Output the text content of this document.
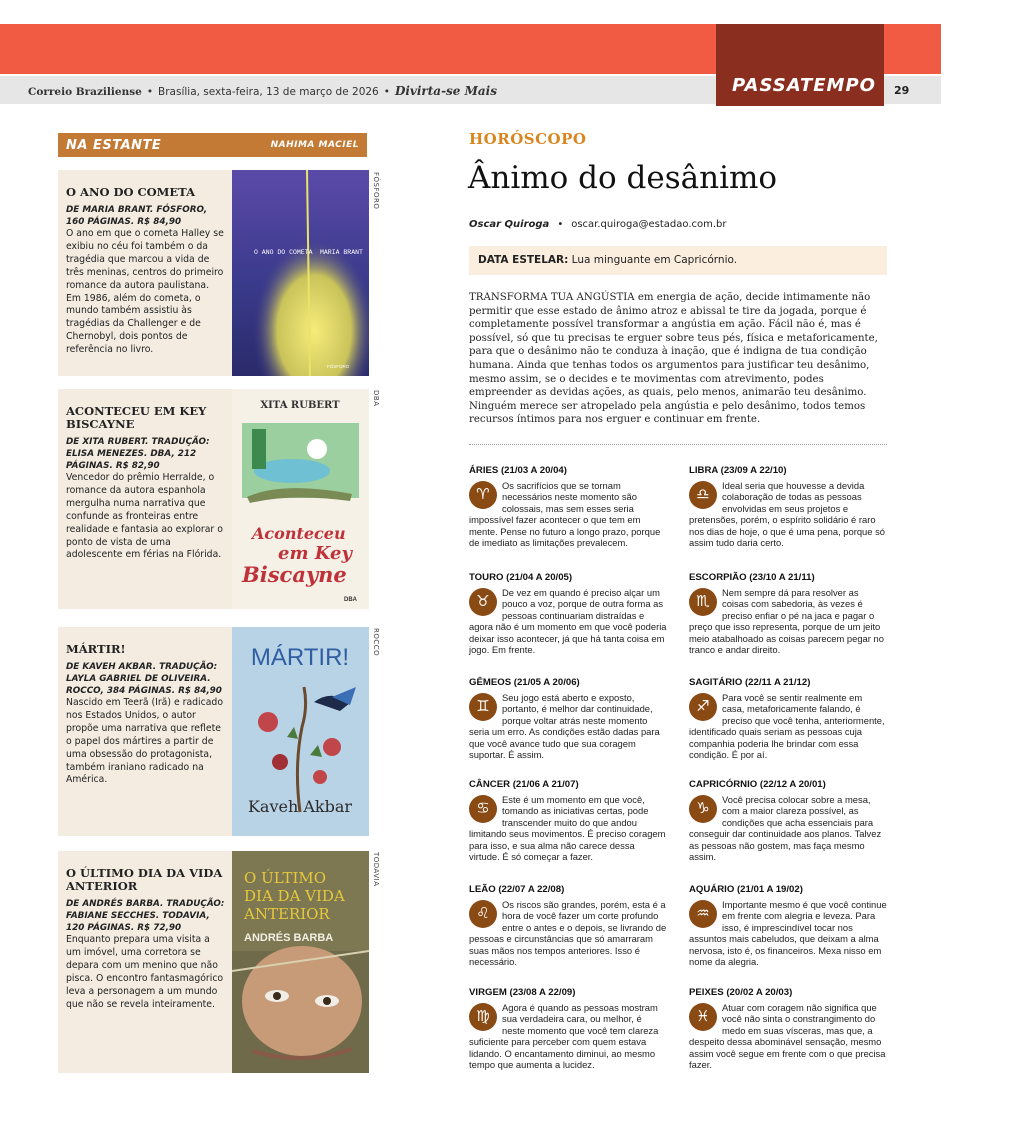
PASSATEMPO	29
Correio Braziliense • Brasília, sexta-feira, 13 de março de 2026 • Divirta-se Mais
NA ESTANTE	NAHIMA MACIEL
O ANO DO COMETA
DE MARIA BRANT. FÓSFORO, 160 PÁGINAS. R$ 84,90
O ano em que o cometa Halley se exibiu no céu foi também o da tragédia que marcou a vida de três meninas, centros do primeiro romance da autora paulistana. Em 1986, além do cometa, o mundo também assistiu às tragédias da Challenger e de Chernobyl, dois pontos de referência no livro.
O ANO DO COMETA MARIA BRANT
FÓSFORO
FÓSFORO
ACONTECEU EM KEY BISCAYNE
DE XITA RUBERT. TRADUÇÃO: ELISA MENEZES. DBA, 212 PÁGINAS. R$ 82,90
Vencedor do prêmio Herralde, o romance da autora espanhola mergulha numa narrativa que confunde as fronteiras entre realidade e fantasia ao explorar o ponto de vista de uma adolescente em férias na Flórida.
XITA RUBERT
Aconteceu
em Key
Biscayne
DBA
DBA
MÁRTIR!
DE KAVEH AKBAR. TRADUÇÃO: LAYLA GABRIEL DE OLIVEIRA. ROCCO, 384 PÁGINAS. R$ 84,90
Nascido em Teerã (Irã) e radicado nos Estados Unidos, o autor propõe uma narrativa que reflete o papel dos mártires a partir de uma obsessão do protagonista, também iraniano radicado na América.
MÁRTIR!
Kaveh Akbar
ROCCO
O ÚLTIMO DIA DA VIDA ANTERIOR
DE ANDRÉS BARBA. TRADUÇÃO: FABIANE SECCHES. TODAVIA, 120 PÁGINAS. R$ 72,90
Enquanto prepara uma visita a um imóvel, uma corretora se depara com um menino que não pisca. O encontro fantasmagórico leva a personagem a um mundo que não se revela inteiramente.
O ÚLTIMO
DIA DA VIDA
ANTERIOR
ANDRÉS BARBA
TODAVIA
HORÓSCOPO
Ânimo do desânimo
Oscar Quiroga • oscar.quiroga@estadao.com.br
DATA ESTELAR: Lua minguante em Capricórnio.
TRANSFORMA TUA ANGÚSTIA em energia de ação, decide intimamente não permitir que esse estado de ânimo atroz e abissal te tire da jogada, porque é completamente possível transformar a angústia em ação. Fácil não é, mas é possível, só que tu precisas te erguer sobre teus pés, física e metaforicamente, para que o desânimo não te conduza à inação, que é indigna de tua condição humana. Ainda que tenhas todos os argumentos para justificar teu desânimo, mesmo assim, se o decides e te movimentas com atrevimento, podes empreender as devidas ações, as quais, pelo menos, animarão teu desânimo. Ninguém merece ser atropelado pela angústia e pelo desânimo, todos temos recursos íntimos para nos erguer e continuar em frente.
ÁRIES (21/03 A 20/04)
♈	Os sacrifícios que se tornam necessários neste momento são colossais, mas sem esses seria impossível fazer acontecer o que tem em mente. Pense no futuro a longo prazo, porque de imediato as limitações prevalecem.
TOURO (21/04 A 20/05)
♉	De vez em quando é preciso alçar um pouco a voz, porque de outra forma as pessoas continuariam distraídas e agora não é um momento em que você poderia deixar isso acontecer, já que há tanta coisa em jogo. Em frente.
GÊMEOS (21/05 A 20/06)
♊	Seu jogo está aberto e exposto, portanto, é melhor dar continuidade, porque voltar atrás neste momento seria um erro. As condições estão dadas para que você avance tudo que sua coragem suportar. É assim.
CÂNCER (21/06 A 21/07)
♋	Este é um momento em que você, tomando as iniciativas certas, pode transcender muito do que andou limitando seus movimentos. É preciso coragem para isso, e sua alma não carece dessa virtude. É só começar a fazer.
LEÃO (22/07 A 22/08)
♌	Os riscos são grandes, porém, esta é a hora de você fazer um corte profundo entre o antes e o depois, se livrando de pessoas e circunstâncias que só amarraram suas mãos nos tempos anteriores. Isso é necessário.
VIRGEM (23/08 A 22/09)
♍	Agora é quando as pessoas mostram sua verdadeira cara, ou melhor, é neste momento que você tem clareza suficiente para perceber com quem estava lidando. O encantamento diminui, ao mesmo tempo que aumenta a lucidez.
LIBRA (23/09 A 22/10)
♎	Ideal seria que houvesse a devida colaboração de todas as pessoas envolvidas em seus projetos e pretensões, porém, o espírito solidário é raro nos dias de hoje, o que é uma pena, porque só assim tudo daria certo.
ESCORPIÃO (23/10 A 21/11)
♏	Nem sempre dá para resolver as coisas com sabedoria, às vezes é preciso enfiar o pé na jaca e pagar o preço que isso representa, porque de um jeito meio atabalhoado as coisas parecem pegar no tranco e andar direito.
SAGITÁRIO (22/11 A 21/12)
♐	Para você se sentir realmente em casa, metaforicamente falando, é preciso que você tenha, anteriormente, identificado quais seriam as pessoas cuja companhia poderia lhe brindar com essa condição. É por aí.
CAPRICÓRNIO (22/12 A 20/01)
♑	Você precisa colocar sobre a mesa, com a maior clareza possível, as condições que acha essenciais para conseguir dar continuidade aos planos. Talvez as pessoas não gostem, mas faça mesmo assim.
AQUÁRIO (21/01 A 19/02)
♒	Importante mesmo é que você continue em frente com alegria e leveza. Para isso, é imprescindível tocar nos assuntos mais cabeludos, que deixam a alma nervosa, isto é, os financeiros. Mexa nisso em nome da alegria.
PEIXES (20/02 A 20/03)
♓	Atuar com coragem não significa que você não sinta o constrangimento do medo em suas vísceras, mas que, a despeito dessa abominável sensação, mesmo assim você segue em frente com o que precisa fazer.
